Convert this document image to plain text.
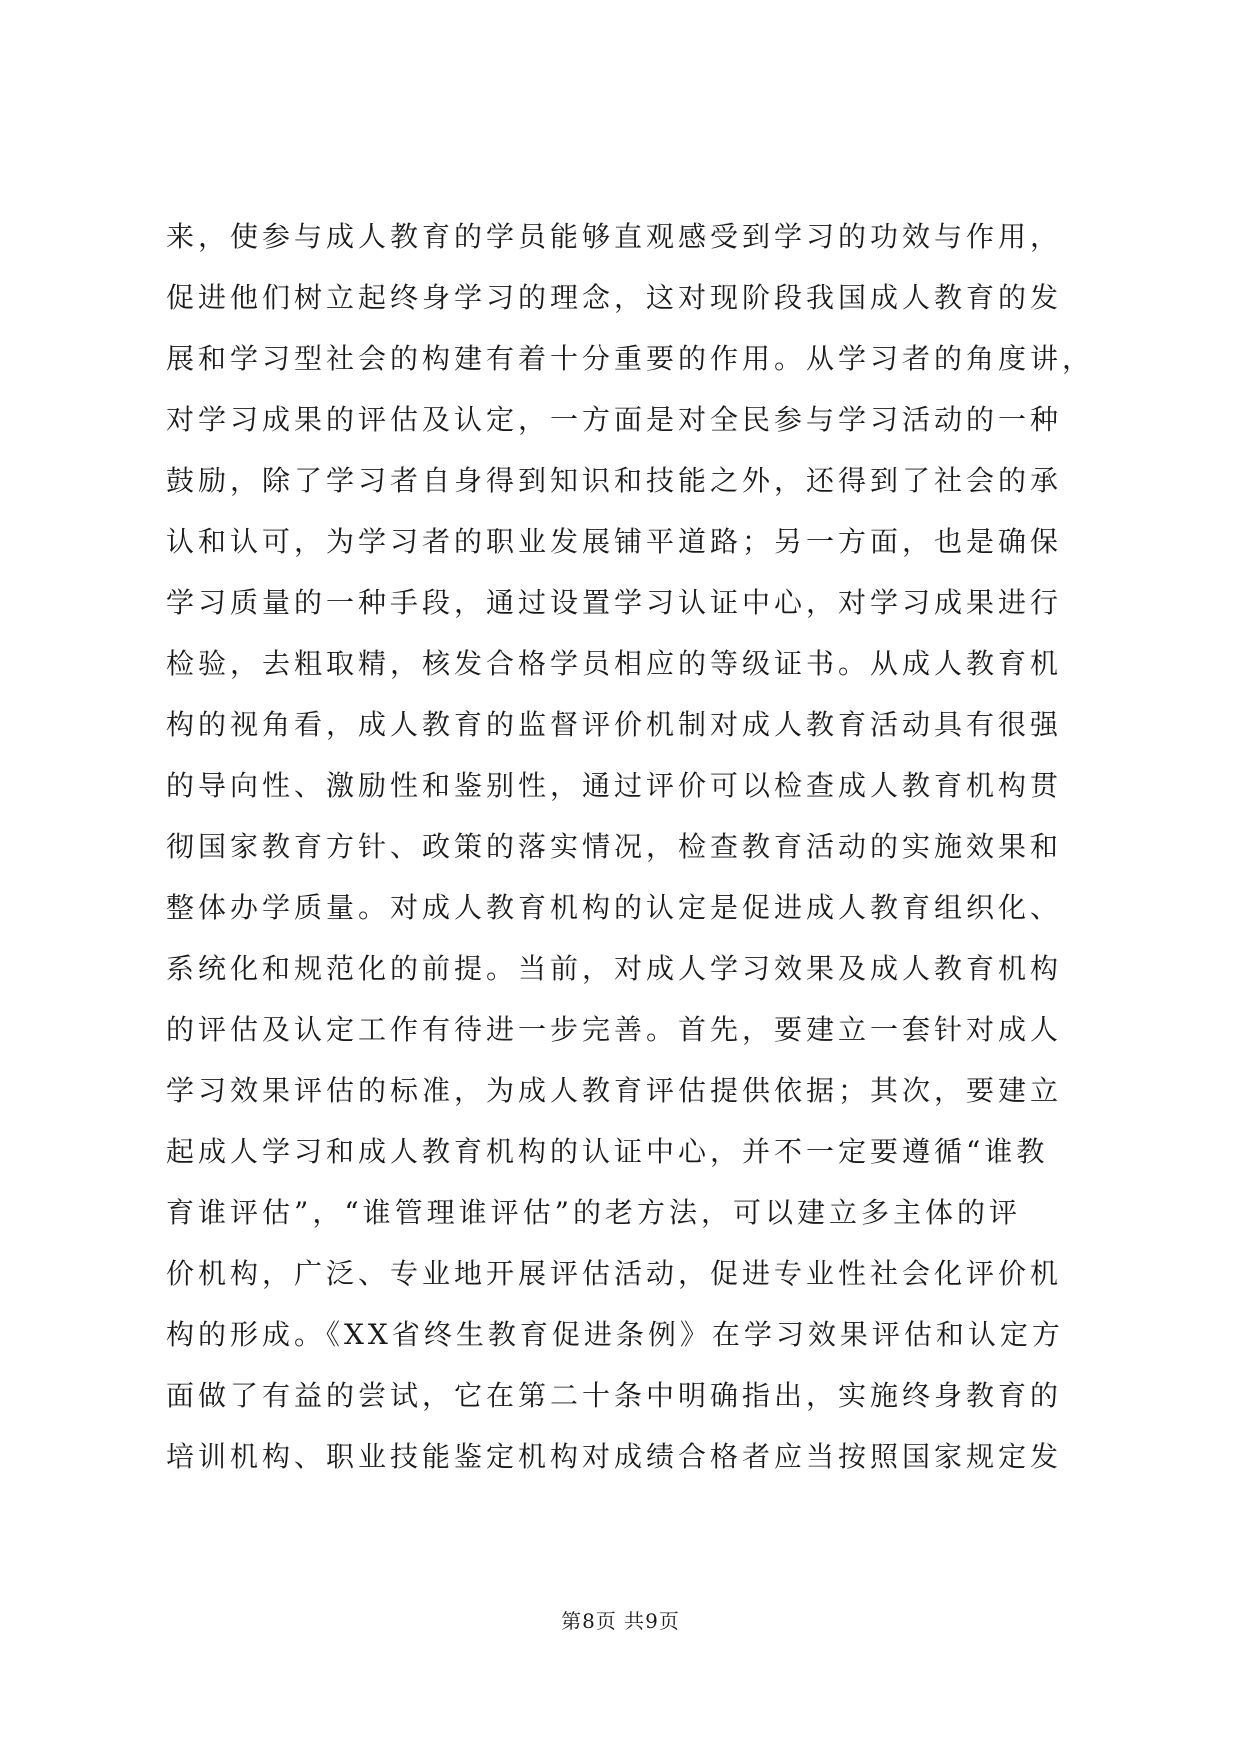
来，使参与成人教育的学员能够直观感受到学习的功效与作用，
促进他们树立起终身学习的理念，这对现阶段我国成人教育的发
展和学习型社会的构建有着十分重要的作用。从学习者的角度讲，
对学习成果的评估及认定，一方面是对全民参与学习活动的一种
鼓励，除了学习者自身得到知识和技能之外，还得到了社会的承
认和认可，为学习者的职业发展铺平道路；另一方面，也是确保
学习质量的一种手段，通过设置学习认证中心，对学习成果进行
检验，去粗取精，核发合格学员相应的等级证书。从成人教育机
构的视角看，成人教育的监督评价机制对成人教育活动具有很强
的导向性、激励性和鉴别性，通过评价可以检查成人教育机构贯
彻国家教育方针、政策的落实情况，检查教育活动的实施效果和
整体办学质量。对成人教育机构的认定是促进成人教育组织化、
系统化和规范化的前提。当前，对成人学习效果及成人教育机构
的评估及认定工作有待进一步完善。首先，要建立一套针对成人
学习效果评估的标准，为成人教育评估提供依据；其次，要建立
起成人学习和成人教育机构的认证中心，并不一定要遵循“谁教
育谁评估”，“谁管理谁评估”的老方法，可以建立多主体的评
价机构，广泛、专业地开展评估活动，促进专业性社会化评价机
构的形成。《XX省终生教育促进条例》在学习效果评估和认定方
面做了有益的尝试，它在第二十条中明确指出，实施终身教育的
培训机构、职业技能鉴定机构对成绩合格者应当按照国家规定发
第8页 共9页
